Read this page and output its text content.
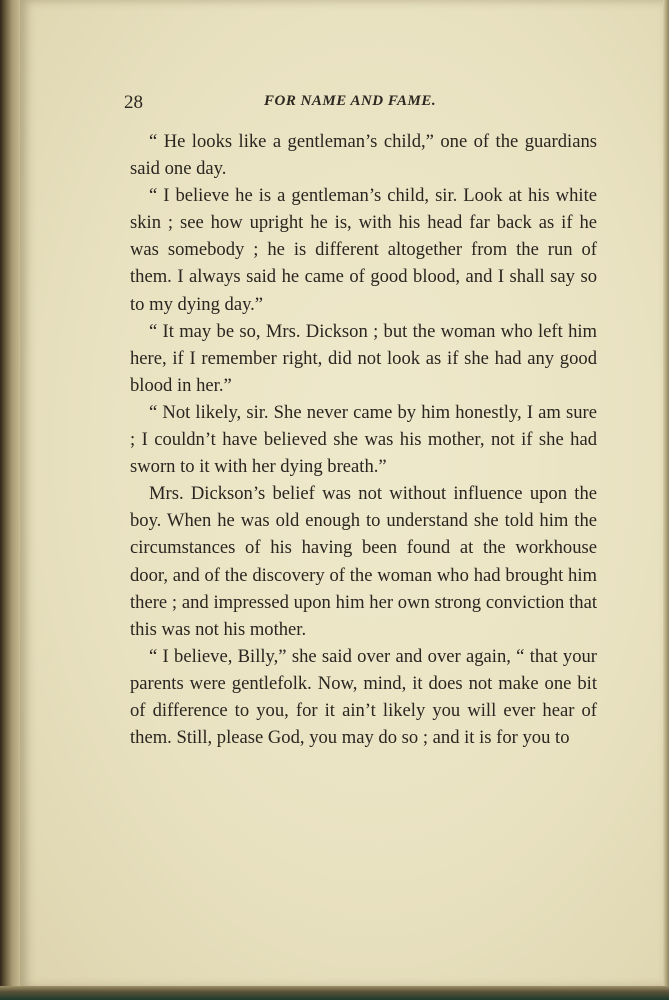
28	FOR NAME AND FAME.

“ He looks like a gentleman’s child,” one of the guardians said one day.

“ I believe he is a gentleman’s child, sir. Look at his white skin ; see how upright he is, with his head far back as if he was somebody ; he is different altogether from the run of them. I always said he came of good blood, and I shall say so to my dying day.”

“ It may be so, Mrs. Dickson ; but the woman who left him here, if I remember right, did not look as if she had any good blood in her.”

“ Not likely, sir. She never came by him honestly, I am sure ; I couldn’t have believed she was his mother, not if she had sworn to it with her dying breath.”

Mrs. Dickson’s belief was not without influence upon the boy. When he was old enough to understand she told him the circumstances of his having been found at the workhouse door, and of the discovery of the woman who had brought him there ; and impressed upon him her own strong conviction that this was not his mother.

“ I believe, Billy,” she said over and over again, “ that your parents were gentlefolk. Now, mind, it does not make one bit of difference to you, for it ain’t likely you will ever hear of them. Still, please God, you may do so ; and it is for you to
